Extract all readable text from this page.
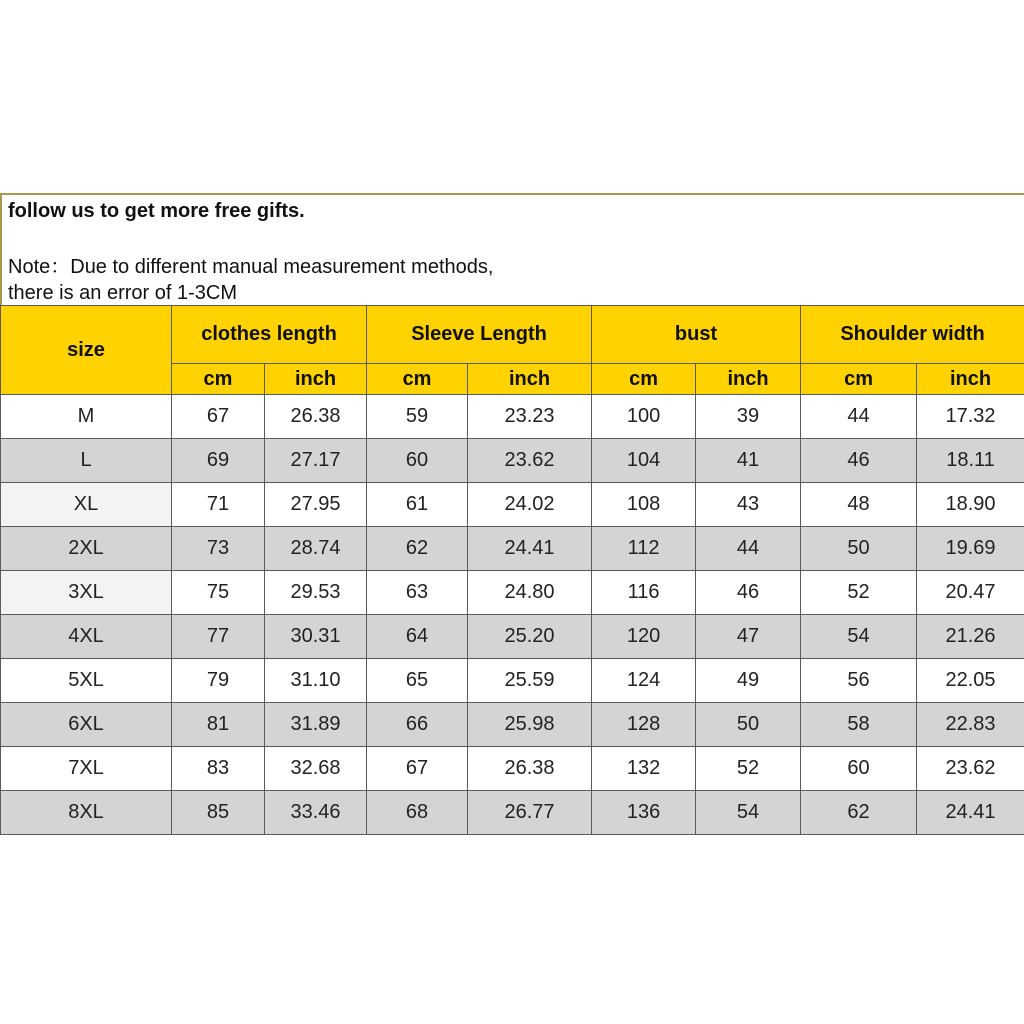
follow us to get more free gifts.
Note：Due to different manual measurement methods,
there is an error of 1-3CM
size	clothes length		Sleeve Length		bust		Shoulder width	
	cm	inch	cm	inch	cm	inch	cm	inch
M	67	26.38	59	23.23	100	39	44	17.32
L	69	27.17	60	23.62	104	41	46	18.11
XL	71	27.95	61	24.02	108	43	48	18.90
2XL	73	28.74	62	24.41	112	44	50	19.69
3XL	75	29.53	63	24.80	116	46	52	20.47
4XL	77	30.31	64	25.20	120	47	54	21.26
5XL	79	31.10	65	25.59	124	49	56	22.05
6XL	81	31.89	66	25.98	128	50	58	22.83
7XL	83	32.68	67	26.38	132	52	60	23.62
8XL	85	33.46	68	26.77	136	54	62	24.41
